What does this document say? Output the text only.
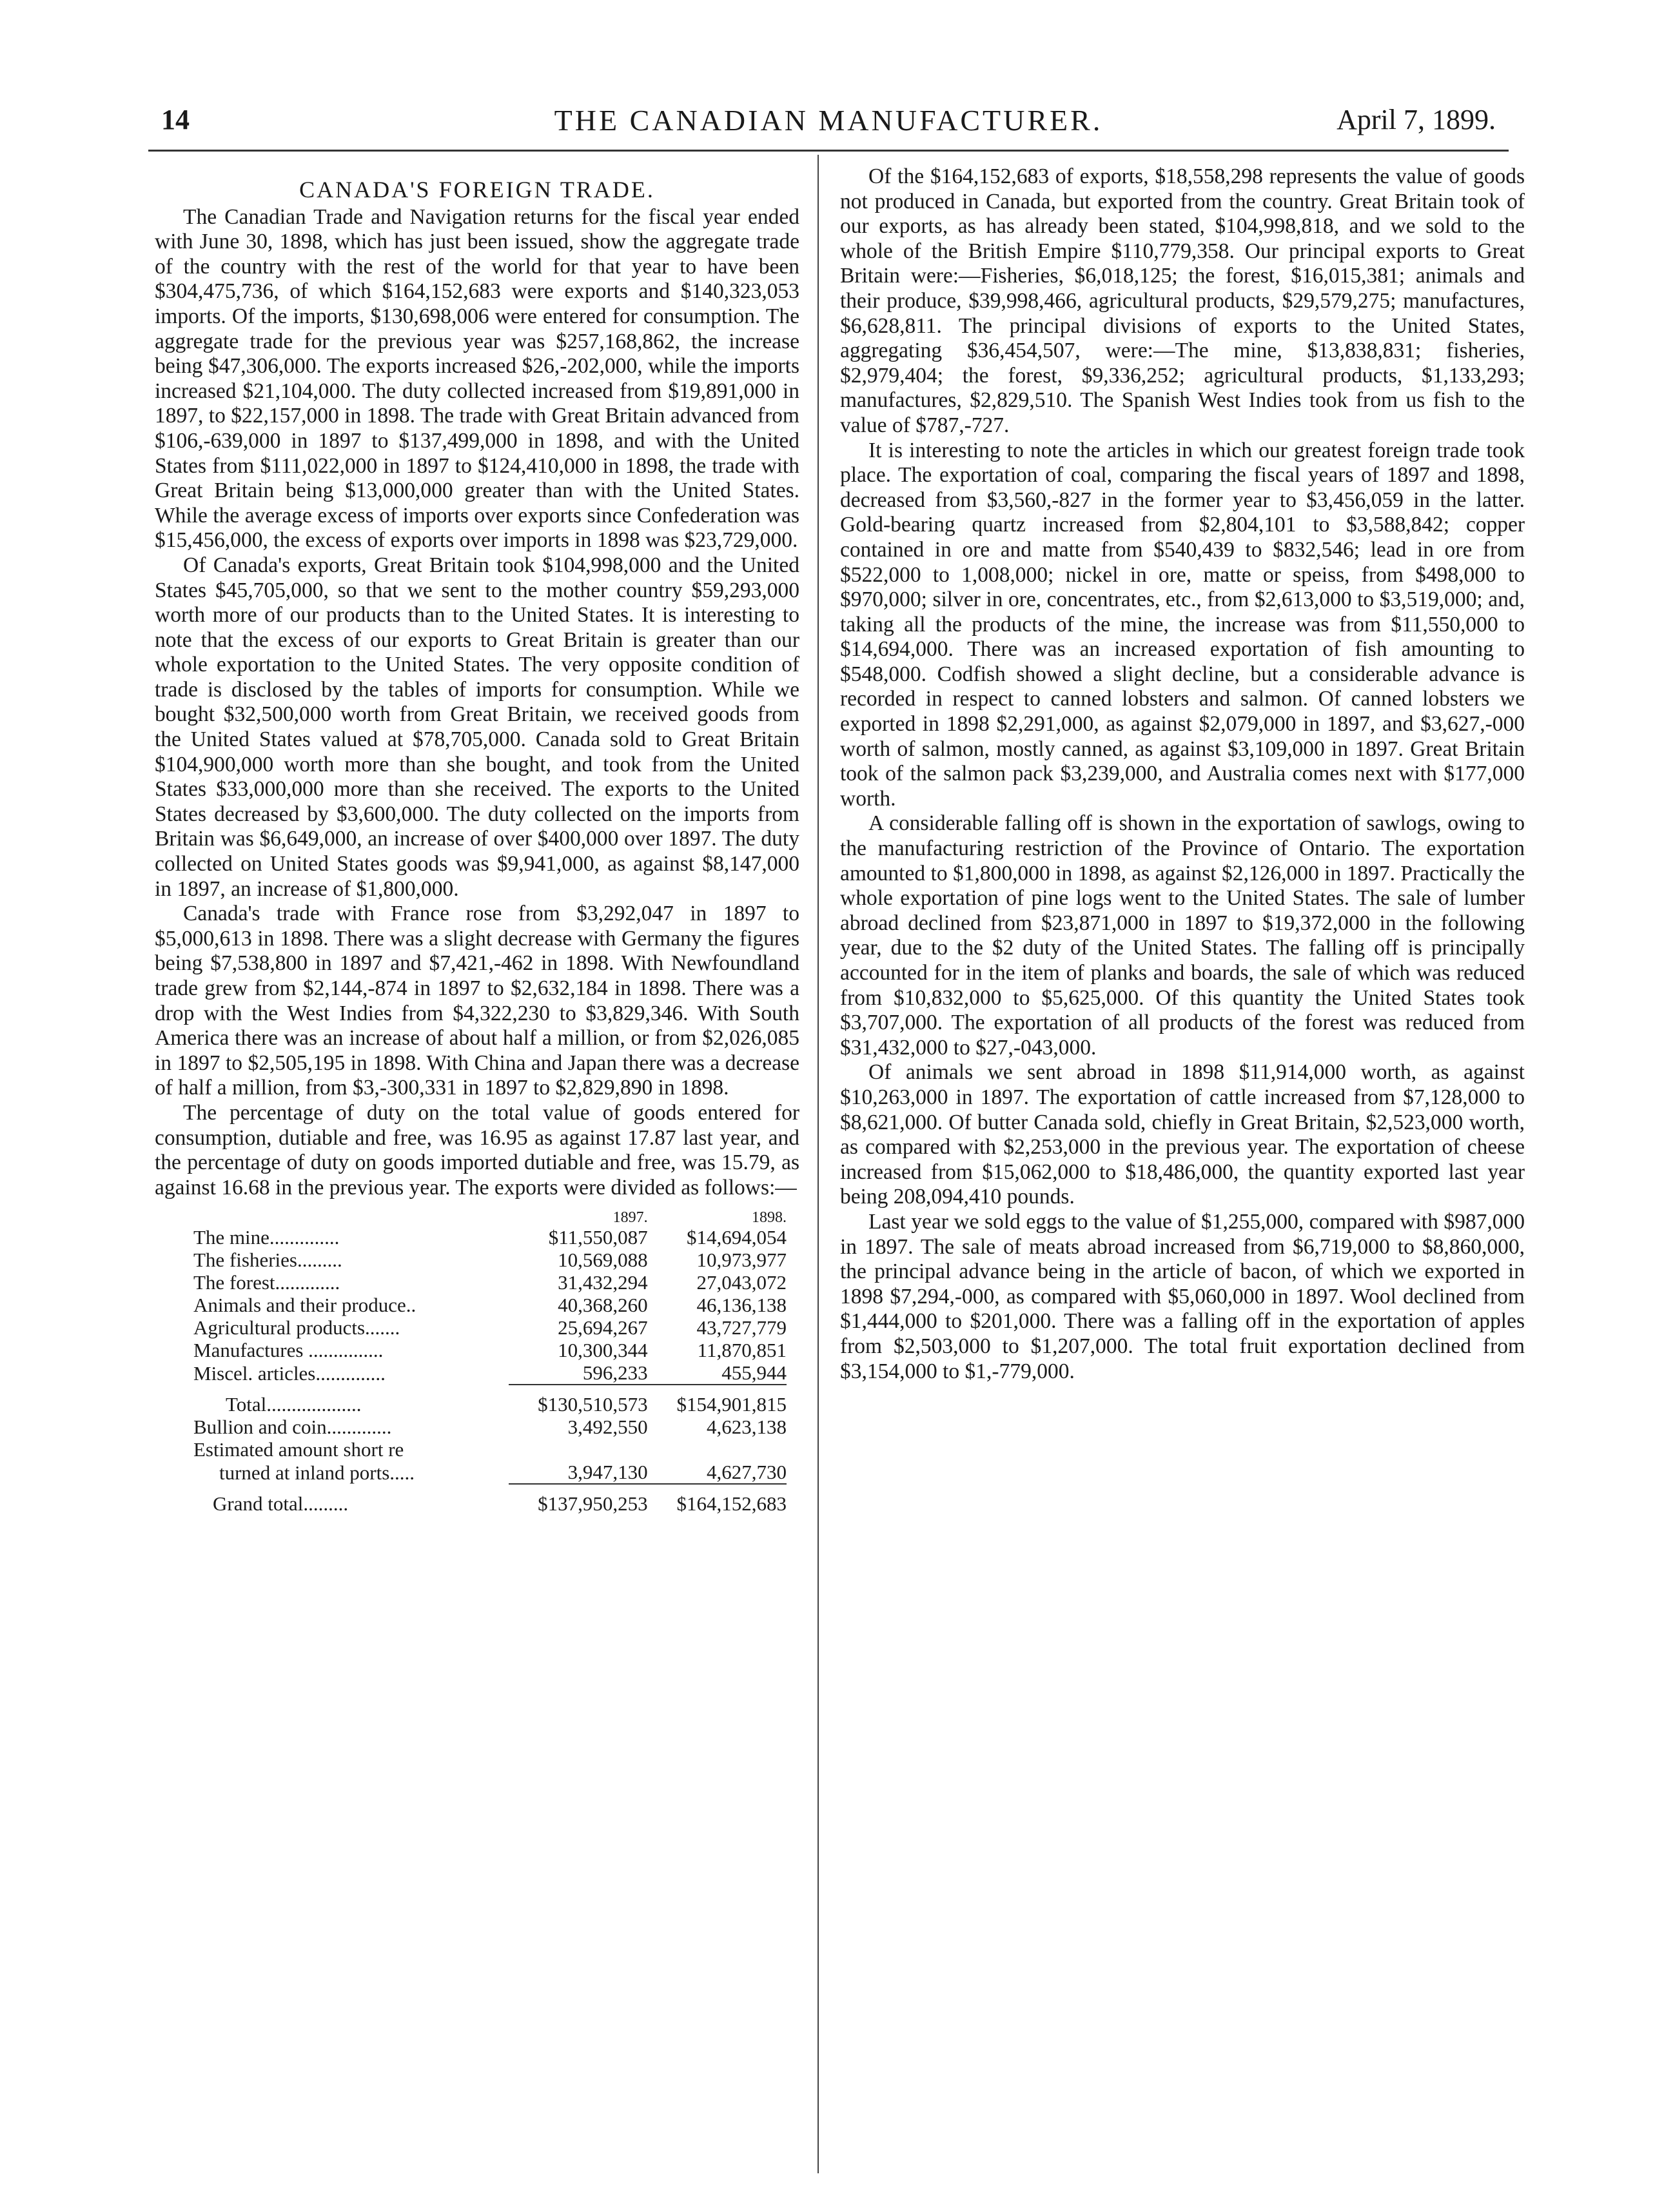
14	THE CANADIAN MANUFACTURER.	April 7, 1899.
CANADA'S FOREIGN TRADE.

The Canadian Trade and Navigation returns for the fiscal year ended with June 30, 1898, which has just been issued, show the aggregate trade of the country with the rest of the world for that year to have been $304,475,736, of which $164,152,683 were exports and $140,323,053 imports. Of the imports, $130,698,006 were entered for consumption. The aggregate trade for the previous year was $257,168,862, the increase being $47,306,000. The exports increased $26,-202,000, while the imports increased $21,104,000. The duty collected increased from $19,891,000 in 1897, to $22,157,000 in 1898. The trade with Great Britain advanced from $106,-639,000 in 1897 to $137,499,000 in 1898, and with the United States from $111,022,000 in 1897 to $124,410,000 in 1898, the trade with Great Britain being $13,000,000 greater than with the United States. While the average excess of imports over exports since Confederation was $15,456,000, the excess of exports over imports in 1898 was $23,729,000.

Of Canada's exports, Great Britain took $104,998,000 and the United States $45,705,000, so that we sent to the mother country $59,293,000 worth more of our products than to the United States. It is interesting to note that the excess of our exports to Great Britain is greater than our whole exportation to the United States. The very opposite condition of trade is disclosed by the tables of imports for consumption. While we bought $32,500,000 worth from Great Britain, we received goods from the United States valued at $78,705,000. Canada sold to Great Britain $104,900,000 worth more than she bought, and took from the United States $33,000,000 more than she received. The exports to the United States decreased by $3,600,000. The duty collected on the imports from Britain was $6,649,000, an increase of over $400,000 over 1897. The duty collected on United States goods was $9,941,000, as against $8,147,000 in 1897, an increase of $1,800,000.

Canada's trade with France rose from $3,292,047 in 1897 to $5,000,613 in 1898. There was a slight decrease with Germany the figures being $7,538,800 in 1897 and $7,421,-462 in 1898. With Newfoundland trade grew from $2,144,-874 in 1897 to $2,632,184 in 1898. There was a drop with the West Indies from $4,322,230 to $3,829,346. With South America there was an increase of about half a million, or from $2,026,085 in 1897 to $2,505,195 in 1898. With China and Japan there was a decrease of half a million, from $3,-300,331 in 1897 to $2,829,890 in 1898.

The percentage of duty on the total value of goods entered for consumption, dutiable and free, was 16.95 as against 17.87 last year, and the percentage of duty on goods imported dutiable and free, was 15.79, as against 16.68 in the previous year. The exports were divided as follows:—

	1897.	1898.
The mine..............	$11,550,087	$14,694,054
The fisheries.........	10,569,088	10,973,977
The forest.............	31,432,294	27,043,072
Animals and their produce..	40,368,260	46,136,138
Agricultural products.......	25,694,267	43,727,779
Manufactures ...............	10,300,344	11,870,851
Miscel. articles..............	596,233	455,944

Total...................	$130,510,573	$154,901,815
Bullion and coin.............	3,492,550	4,623,138
Estimated amount short re		
turned at inland ports.....	3,947,130	4,627,730

Grand total.........	$137,950,253	$164,152,683

Of the $164,152,683 of exports, $18,558,298 represents the value of goods not produced in Canada, but exported from the country. Great Britain took of our exports, as has already been stated, $104,998,818, and we sold to the whole of the British Empire $110,779,358. Our principal exports to Great Britain were:—Fisheries, $6,018,125; the forest, $16,015,381; animals and their produce, $39,998,466, agricultural products, $29,579,275; manufactures, $6,628,811. The principal divisions of exports to the United States, aggregating $36,454,507, were:—The mine, $13,838,831; fisheries, $2,979,404; the forest, $9,336,252; agricultural products, $1,133,293; manufactures, $2,829,510. The Spanish West Indies took from us fish to the value of $787,-727.

It is interesting to note the articles in which our greatest foreign trade took place. The exportation of coal, comparing the fiscal years of 1897 and 1898, decreased from $3,560,-827 in the former year to $3,456,059 in the latter. Gold-bearing quartz increased from $2,804,101 to $3,588,842; copper contained in ore and matte from $540,439 to $832,546; lead in ore from $522,000 to 1,008,000; nickel in ore, matte or speiss, from $498,000 to $970,000; silver in ore, concentrates, etc., from $2,613,000 to $3,519,000; and, taking all the products of the mine, the increase was from $11,550,000 to $14,694,000. There was an increased exportation of fish amounting to $548,000. Codfish showed a slight decline, but a considerable advance is recorded in respect to canned lobsters and salmon. Of canned lobsters we exported in 1898 $2,291,000, as against $2,079,000 in 1897, and $3,627,-000 worth of salmon, mostly canned, as against $3,109,000 in 1897. Great Britain took of the salmon pack $3,239,000, and Australia comes next with $177,000 worth.

A considerable falling off is shown in the exportation of sawlogs, owing to the manufacturing restriction of the Province of Ontario. The exportation amounted to $1,800,000 in 1898, as against $2,126,000 in 1897. Practically the whole exportation of pine logs went to the United States. The sale of lumber abroad declined from $23,871,000 in 1897 to $19,372,000 in the following year, due to the $2 duty of the United States. The falling off is principally accounted for in the item of planks and boards, the sale of which was reduced from $10,832,000 to $5,625,000. Of this quantity the United States took $3,707,000. The exportation of all products of the forest was reduced from $31,432,000 to $27,-043,000.

Of animals we sent abroad in 1898 $11,914,000 worth, as against $10,263,000 in 1897. The exportation of cattle increased from $7,128,000 to $8,621,000. Of butter Canada sold, chiefly in Great Britain, $2,523,000 worth, as compared with $2,253,000 in the previous year. The exportation of cheese increased from $15,062,000 to $18,486,000, the quantity exported last year being 208,094,410 pounds.

Last year we sold eggs to the value of $1,255,000, compared with $987,000 in 1897. The sale of meats abroad increased from $6,719,000 to $8,860,000, the principal advance being in the article of bacon, of which we exported in 1898 $7,294,-000, as compared with $5,060,000 in 1897. Wool declined from $1,444,000 to $201,000. There was a falling off in the exportation of apples from $2,503,000 to $1,207,000. The total fruit exportation declined from $3,154,000 to $1,-779,000.
